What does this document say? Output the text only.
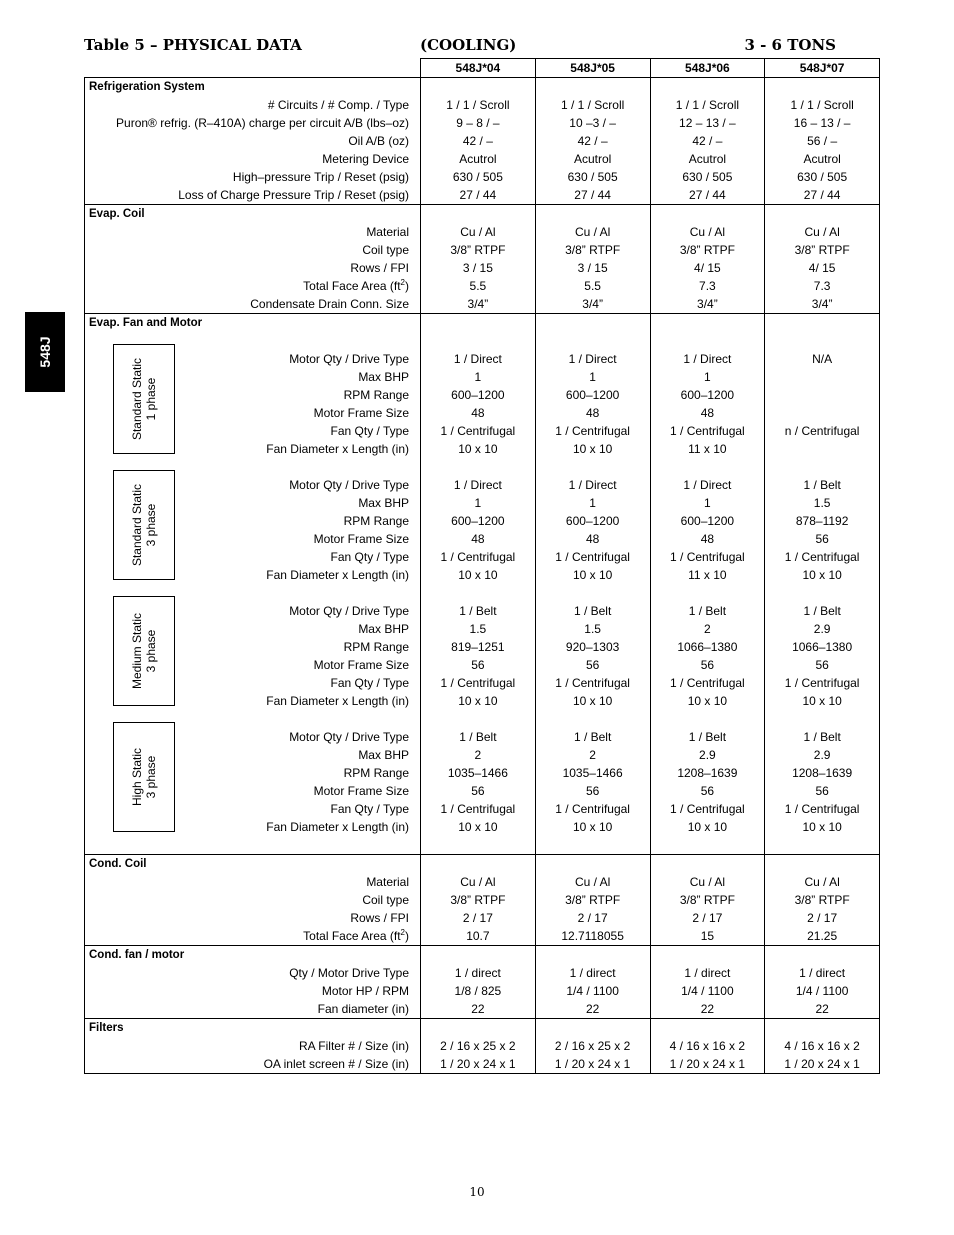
Table 5 – PHYSICAL DATA	(COOLING)	3 - 6 TONS
548J
	548J*04	548J*05	548J*06	548J*07
Refrigeration System				
# Circuits / # Comp. / Type	1 / 1 / Scroll	1 / 1 / Scroll	1 / 1 / Scroll	1 / 1 / Scroll
Puron® refrig. (R–410A) charge per circuit A/B (lbs–oz)	9 – 8 / –	10 –3 / –	12 – 13 / –	16 – 13 / –
Oil A/B (oz)	42 / –	42 / –	42 / –	56 / –
Metering Device	Acutrol	Acutrol	Acutrol	Acutrol
High–pressure Trip / Reset (psig)	630 / 505	630 / 505	630 / 505	630 / 505
Loss of Charge Pressure Trip / Reset (psig)	27 / 44	27 / 44	27 / 44	27 / 44
Evap. Coil				
Material	Cu / Al	Cu / Al	Cu / Al	Cu / Al
Coil type	3/8” RTPF	3/8” RTPF	3/8” RTPF	3/8” RTPF
Rows / FPI	3 / 15	3 / 15	4/ 15	4/ 15
Total Face Area $(ft^2)$	5.5	5.5	7.3	7.3
Condensate Drain Conn. Size	3/4”	3/4”	3/4”	3/4”
Evap. Fan and Motor				

Motor Qty / Drive Type	1 / Direct	1 / Direct	1 / Direct	N/A
Max BHP	1	1	1	
RPM Range	600–1200	600–1200	600–1200	
Motor Frame Size	48	48	48	
Fan Qty / Type	1 / Centrifugal	1 / Centrifugal	1 / Centrifugal	n / Centrifugal
Fan Diameter x Length (in)	10 x 10	10 x 10	11 x 10	

Motor Qty / Drive Type	1 / Direct	1 / Direct	1 / Direct	1 / Belt
Max BHP	1	1	1	1.5
RPM Range	600–1200	600–1200	600–1200	878–1192
Motor Frame Size	48	48	48	56
Fan Qty / Type	1 / Centrifugal	1 / Centrifugal	1 / Centrifugal	1 / Centrifugal
Fan Diameter x Length (in)	10 x 10	10 x 10	11 x 10	10 x 10

Motor Qty / Drive Type	1 / Belt	1 / Belt	1 / Belt	1 / Belt
Max BHP	1.5	1.5	2	2.9
RPM Range	819–1251	920–1303	1066–1380	1066–1380
Motor Frame Size	56	56	56	56
Fan Qty / Type	1 / Centrifugal	1 / Centrifugal	1 / Centrifugal	1 / Centrifugal
Fan Diameter x Length (in)	10 x 10	10 x 10	10 x 10	10 x 10

Motor Qty / Drive Type	1 / Belt	1 / Belt	1 / Belt	1 / Belt
Max BHP	2	2	2.9	2.9
RPM Range	1035–1466	1035–1466	1208–1639	1208–1639
Motor Frame Size	56	56	56	56
Fan Qty / Type	1 / Centrifugal	1 / Centrifugal	1 / Centrifugal	1 / Centrifugal
Fan Diameter x Length (in)	10 x 10	10 x 10	10 x 10	10 x 10

Cond. Coil				
Material	Cu / Al	Cu / Al	Cu / Al	Cu / Al
Coil type	3/8” RTPF	3/8” RTPF	3/8” RTPF	3/8” RTPF
Rows / FPI	2 / 17	2 / 17	2 / 17	2 / 17
Total Face Area $(ft^2)$	10.7	12.7118055	15	21.25
Cond. fan / motor				
Qty / Motor Drive Type	1 / direct	1 / direct	1 / direct	1 / direct
Motor HP / RPM	1/8 / 825	1/4 / 1100	1/4 / 1100	1/4 / 1100
Fan diameter (in)	22	22	22	22
Filters				
RA Filter # / Size (in)	2 / 16 x 25 x 2	2 / 16 x 25 x 2	4 / 16 x 16 x 2	4 / 16 x 16 x 2
OA inlet screen # / Size (in)	1 / 20 x 24 x 1	1 / 20 x 24 x 1	1 / 20 x 24 x 1	1 / 20 x 24 x 1
Standard Static 1 phase
Standard Static 3 phase
Medium Static 3 phase
High Static 3 phase
10
